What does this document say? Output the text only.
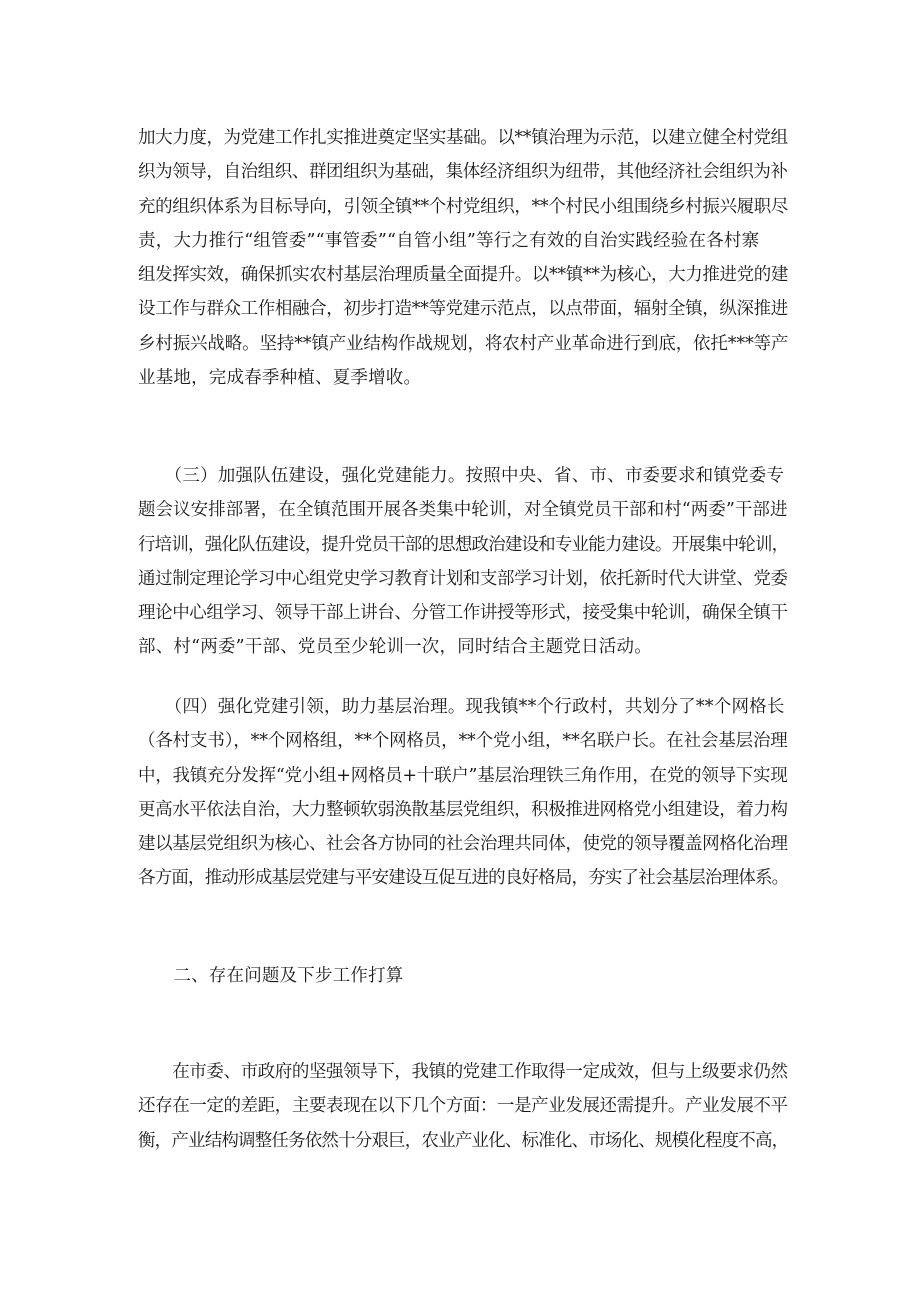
加大力度，为党建工作扎实推进奠定坚实基础。以**镇治理为示范，以建立健全村党组
织为领导，自治组织、群团组织为基础，集体经济组织为纽带，其他经济社会组织为补
充的组织体系为目标导向，引领全镇**个村党组织，**个村民小组围绕乡村振兴履职尽
责，大力推行“组管委”“事管委”“自管小组”等行之有效的自治实践经验在各村寨
组发挥实效，确保抓实农村基层治理质量全面提升。以**镇**为核心，大力推进党的建
设工作与群众工作相融合，初步打造**等党建示范点，以点带面，辐射全镇，纵深推进
乡村振兴战略。坚持**镇产业结构作战规划，将农村产业革命进行到底，依托***等产
业基地，完成春季种植、夏季增收。

　　（三）加强队伍建设，强化党建能力。按照中央、省、市、市委要求和镇党委专
题会议安排部署，在全镇范围开展各类集中轮训，对全镇党员干部和村“两委”干部进
行培训，强化队伍建设，提升党员干部的思想政治建设和专业能力建设。开展集中轮训，
通过制定理论学习中心组党史学习教育计划和支部学习计划，依托新时代大讲堂、党委
理论中心组学习、领导干部上讲台、分管工作讲授等形式，接受集中轮训，确保全镇干
部、村“两委”干部、党员至少轮训一次，同时结合主题党日活动。

　　（四）强化党建引领，助力基层治理。现我镇**个行政村，共划分了**个网格长
（各村支书），**个网格组，**个网格员，**个党小组，**名联户长。在社会基层治理
中，我镇充分发挥“党小组+网格员+十联户”基层治理铁三角作用，在党的领导下实现
更高水平依法自治，大力整顿软弱涣散基层党组织，积极推进网格党小组建设，着力构
建以基层党组织为核心、社会各方协同的社会治理共同体，使党的领导覆盖网格化治理
各方面，推动形成基层党建与平安建设互促互进的良好格局，夯实了社会基层治理体系。

　　二、存在问题及下步工作打算

　　在市委、市政府的坚强领导下，我镇的党建工作取得一定成效，但与上级要求仍然
还存在一定的差距，主要表现在以下几个方面：一是产业发展还需提升。产业发展不平
衡，产业结构调整任务依然十分艰巨，农业产业化、标准化、市场化、规模化程度不高，
